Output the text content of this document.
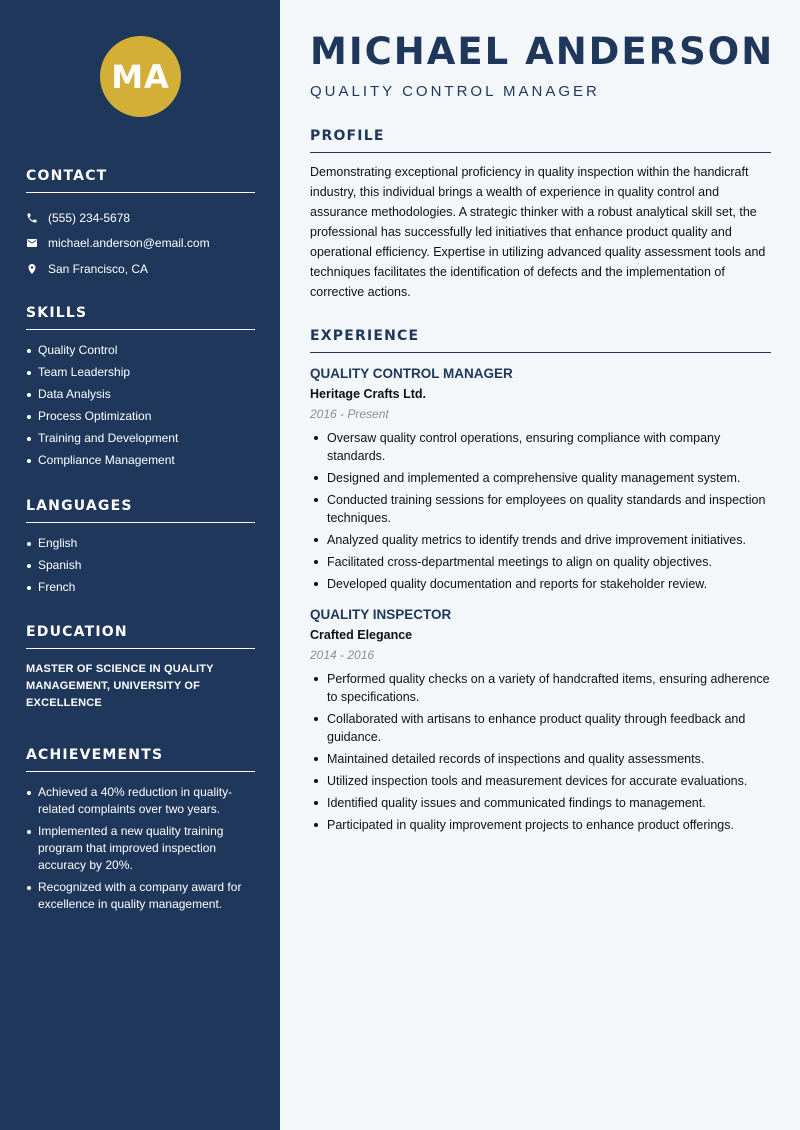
MA
CONTACT
(555) 234-5678
michael.anderson@email.com
San Francisco, CA
SKILLS
Quality Control
Team Leadership
Data Analysis
Process Optimization
Training and Development
Compliance Management
LANGUAGES
English
Spanish
French
EDUCATION
MASTER OF SCIENCE IN QUALITY MANAGEMENT, UNIVERSITY OF EXCELLENCE
ACHIEVEMENTS
Achieved a 40% reduction in quality-related complaints over two years.
Implemented a new quality training program that improved inspection accuracy by 20%.
Recognized with a company award for excellence in quality management.
MICHAEL ANDERSON
QUALITY CONTROL MANAGER
PROFILE
Demonstrating exceptional proficiency in quality inspection within the handicraft industry, this individual brings a wealth of experience in quality control and assurance methodologies. A strategic thinker with a robust analytical skill set, the professional has successfully led initiatives that enhance product quality and operational efficiency. Expertise in utilizing advanced quality assessment tools and techniques facilitates the identification of defects and the implementation of corrective actions.
EXPERIENCE
QUALITY CONTROL MANAGER
Heritage Crafts Ltd.
2016 - Present
Oversaw quality control operations, ensuring compliance with company standards.
Designed and implemented a comprehensive quality management system.
Conducted training sessions for employees on quality standards and inspection techniques.
Analyzed quality metrics to identify trends and drive improvement initiatives.
Facilitated cross-departmental meetings to align on quality objectives.
Developed quality documentation and reports for stakeholder review.
QUALITY INSPECTOR
Crafted Elegance
2014 - 2016
Performed quality checks on a variety of handcrafted items, ensuring adherence to specifications.
Collaborated with artisans to enhance product quality through feedback and guidance.
Maintained detailed records of inspections and quality assessments.
Utilized inspection tools and measurement devices for accurate evaluations.
Identified quality issues and communicated findings to management.
Participated in quality improvement projects to enhance product offerings.
